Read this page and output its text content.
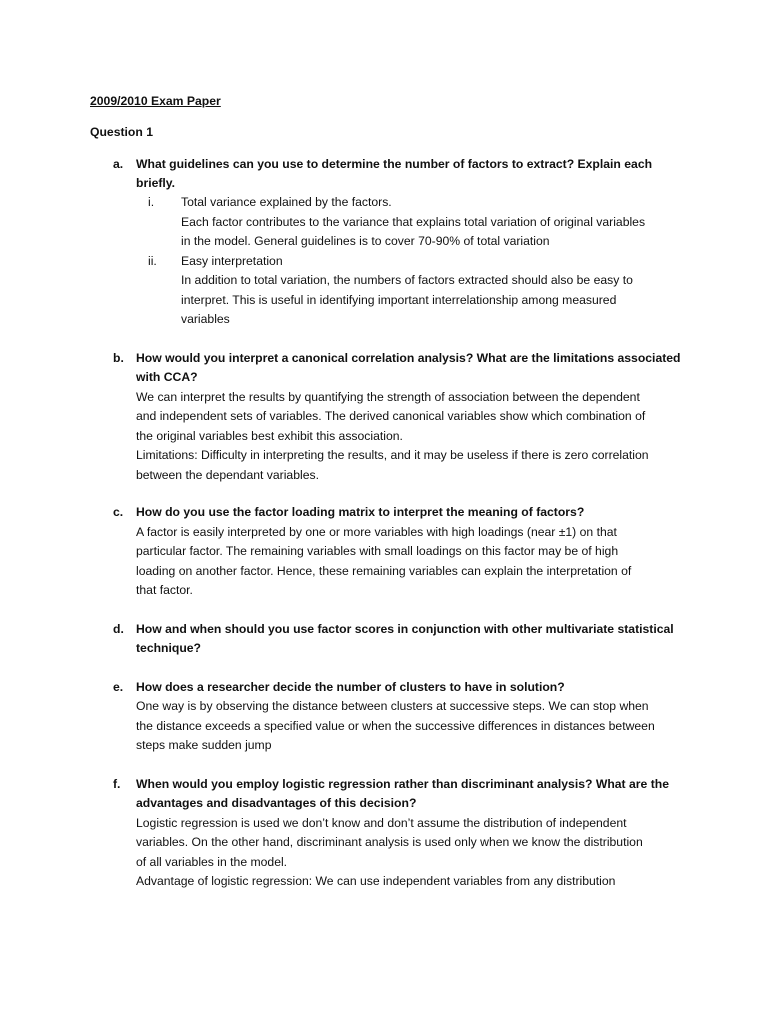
2009/2010 Exam Paper
Question 1
a. What guidelines can you use to determine the number of factors to extract? Explain each
briefly.
i. Total variance explained by the factors.
Each factor contributes to the variance that explains total variation of original variables
in the model. General guidelines is to cover 70-90% of total variation
ii. Easy interpretation
In addition to total variation, the numbers of factors extracted should also be easy to
interpret. This is useful in identifying important interrelationship among measured
variables
b. How would you interpret a canonical correlation analysis? What are the limitations associated
with CCA?
We can interpret the results by quantifying the strength of association between the dependent
and independent sets of variables. The derived canonical variables show which combination of
the original variables best exhibit this association.
Limitations: Difficulty in interpreting the results, and it may be useless if there is zero correlation
between the dependant variables.
c. How do you use the factor loading matrix to interpret the meaning of factors?
A factor is easily interpreted by one or more variables with high loadings (near ±1) on that
particular factor. The remaining variables with small loadings on this factor may be of high
loading on another factor. Hence, these remaining variables can explain the interpretation of
that factor.
d. How and when should you use factor scores in conjunction with other multivariate statistical
technique?
e. How does a researcher decide the number of clusters to have in solution?
One way is by observing the distance between clusters at successive steps. We can stop when
the distance exceeds a specified value or when the successive differences in distances between
steps make sudden jump
f. When would you employ logistic regression rather than discriminant analysis? What are the
advantages and disadvantages of this decision?
Logistic regression is used we don’t know and don’t assume the distribution of independent
variables. On the other hand, discriminant analysis is used only when we know the distribution
of all variables in the model.
Advantage of logistic regression: We can use independent variables from any distribution
